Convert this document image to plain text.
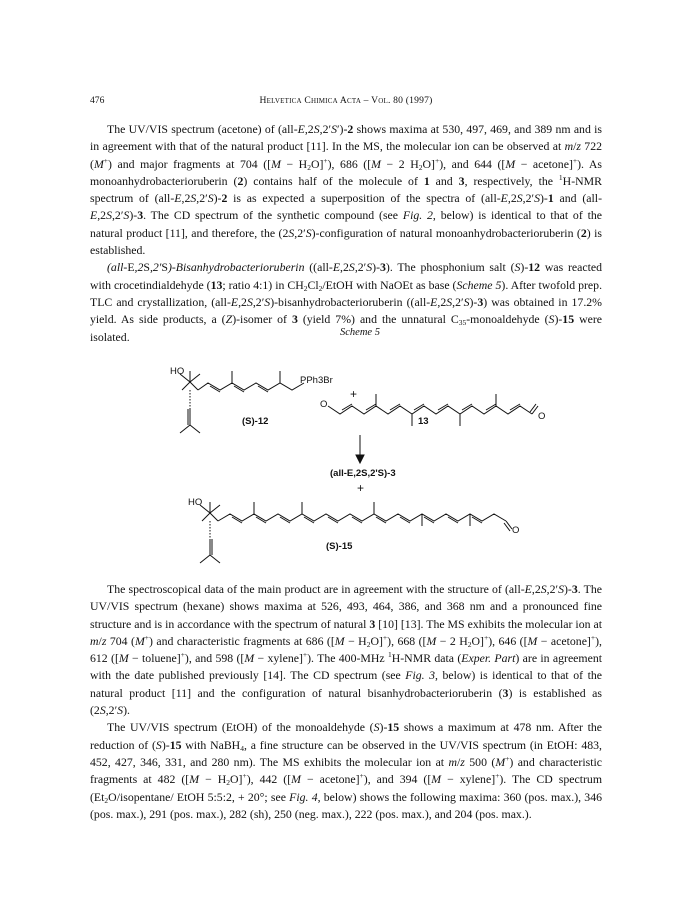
476	Helvetica Chimica Acta – Vol. 80 (1997)

The UV/VIS spectrum (acetone) of (all-E,2S,2′S′)-2 shows maxima at 530, 497, 469, and 389 nm and is in agreement with that of the natural product [11]. In the MS, the molecular ion can be observed at m/z 722 (M+) and major fragments at 704 $([M - H_2O]^+)$, 686 ([M − 2 $H_2O]^+$), and 644 ([M − acetone]+). As monoanhydrobacterioruberin (2) contains half of the molecule of 1 and 3, respectively, the $^1$H-NMR spectrum of (all-E,2S,2′S)-2 is as expected a superposition of the spectra of (all-E,2S,2′S)-1 and (all-E,2S,2′S)-3. The CD spectrum of the synthetic compound (see Fig. 2, below) is identical to that of the natural product [11], and therefore, the (2S,2′S)-configuration of natural monoanhydrobacterioruberin (2) is established.

(all-E,2S,2′S)-Bisanhydrobacterioruberin ((all-E,2S,2′S)-3). The phosphonium salt (S)-12 was reacted with crocetindialdehyde (13; ratio 4:1) in $CH_2Cl_2$/EtOH with NaOEt as base (Scheme 5). After twofold prep. TLC and crystallization, (all-E,2S,2′S)-bisanhydrobacterioruberin ((all-E,2S,2′S)-3) was obtained in 17.2% yield. As side products, a (Z)-isomer of 3 (yield 7%) and the unnatural $C_{35}$-monoaldehyde (S)-15 were isolated.	Scheme 5
HO
PPh3Br
+
O
O
(S)-12	13
(all-E,2S,2'S)-3
+
HO
O
(S)-15

The spectroscopical data of the main product are in agreement with the structure of (all-E,2S,2′S)-3. The UV/VIS spectrum (hexane) shows maxima at 526, 493, 464, 386, and 368 nm and a pronounced fine structure and is in accordance with the spectrum of natural 3 [10] [13]. The MS exhibits the molecular ion at m/z 704 (M+) and characteristic fragments at 686 $([M - H_2O]^+)$, 668 ([M − 2 $H_2O]^+$), 646 ([M − acetone]+), 612 ([M − toluene]+), and 598 ([M − xylene]+). The 400-MHz $^1$H-NMR data (Exper. Part) are in agreement with the date published previously [14]. The CD spectrum (see Fig. 3, below) is identical to that of the natural product [11] and the configuration of natural bisanhydrobacterioruberin (3) is established as (2S,2′S).

The UV/VIS spectrum (EtOH) of the monoaldehyde (S)-15 shows a maximum at 478 nm. After the reduction of (S)-15 with NaBH$_4$, a fine structure can be observed in the UV/VIS spectrum (in EtOH: 483, 452, 427, 346, 331, and 280 nm). The MS exhibits the molecular ion at m/z 500 (M+) and characteristic fragments at 482 $([M - H_2O]^+)$, 442 ([M − acetone]+), and 394 ([M − xylene]+). The CD spectrum ($Et_2O/isopentane/$ EtOH 5:5:2, + 20°; see Fig. 4, below) shows the following maxima: 360 (pos. max.), 346 (pos. max.), 291 (pos. max.), 282 (sh), 250 (neg. max.), 222 (pos. max.), and 204 (pos. max.).
